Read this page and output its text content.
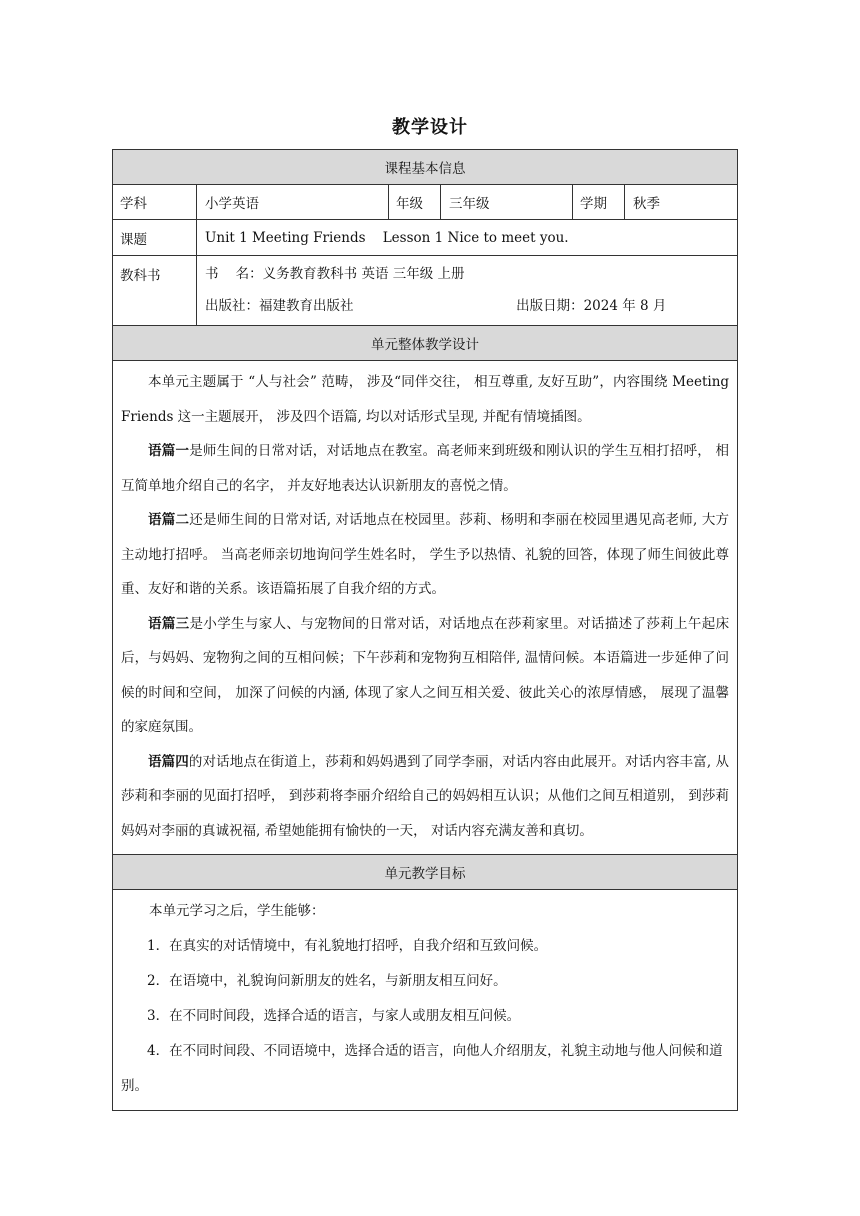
教学设计
课程基本信息					
学科	小学英语	年级	三年级	学期	秋季
课题	Unit 1 Meeting Friends    Lesson 1 Nice to meet you.				
教科书	书    名：义务教育教科书 英语 三年级 上册
出版社：福建教育出版社 出版日期：2024 年 8 月				

单元整体教学设计					

本单元主题属于 “人与社会” 范畴， 涉及“同伴交往， 相互尊重, 友好互助”，内容围绕 Meeting Friends 这一主题展开， 涉及四个语篇, 均以对话形式呈现, 并配有情境插图。

语篇一是师生间的日常对话，对话地点在教室。高老师来到班级和刚认识的学生互相打招呼， 相互简单地介绍自己的名字， 并友好地表达认识新朋友的喜悦之情。

语篇二还是师生间的日常对话, 对话地点在校园里。莎莉、杨明和李丽在校园里遇见高老师, 大方主动地打招呼。 当高老师亲切地询问学生姓名时， 学生予以热情、礼貌的回答，体现了师生间彼此尊重、友好和谐的关系。该语篇拓展了自我介绍的方式。

语篇三是小学生与家人、与宠物间的日常对话，对话地点在莎莉家里。对话描述了莎莉上午起床后，与妈妈、宠物狗之间的互相问候；下午莎莉和宠物狗互相陪伴, 温情问候。本语篇进一步延伸了问候的时间和空间， 加深了问候的内涵, 体现了家人之间互相关爱、彼此关心的浓厚情感， 展现了温馨的家庭氛围。

语篇四的对话地点在街道上，莎莉和妈妈遇到了同学李丽，对话内容由此展开。对话内容丰富, 从莎莉和李丽的见面打招呼， 到莎莉将李丽介绍给自己的妈妈相互认识；从他们之间互相道别， 到莎莉妈妈对李丽的真诚祝福, 希望她能拥有愉快的一天， 对话内容充满友善和真切。					

单元教学目标					

本单元学习之后，学生能够：

1．在真实的对话情境中，有礼貌地打招呼，自我介绍和互致问候。

2．在语境中，礼貌询问新朋友的姓名，与新朋友相互问好。

3．在不同时间段，选择合适的语言，与家人或朋友相互问候。

4．在不同时间段、不同语境中，选择合适的语言，向他人介绍朋友，礼貌主动地与他人问候和道别。					
